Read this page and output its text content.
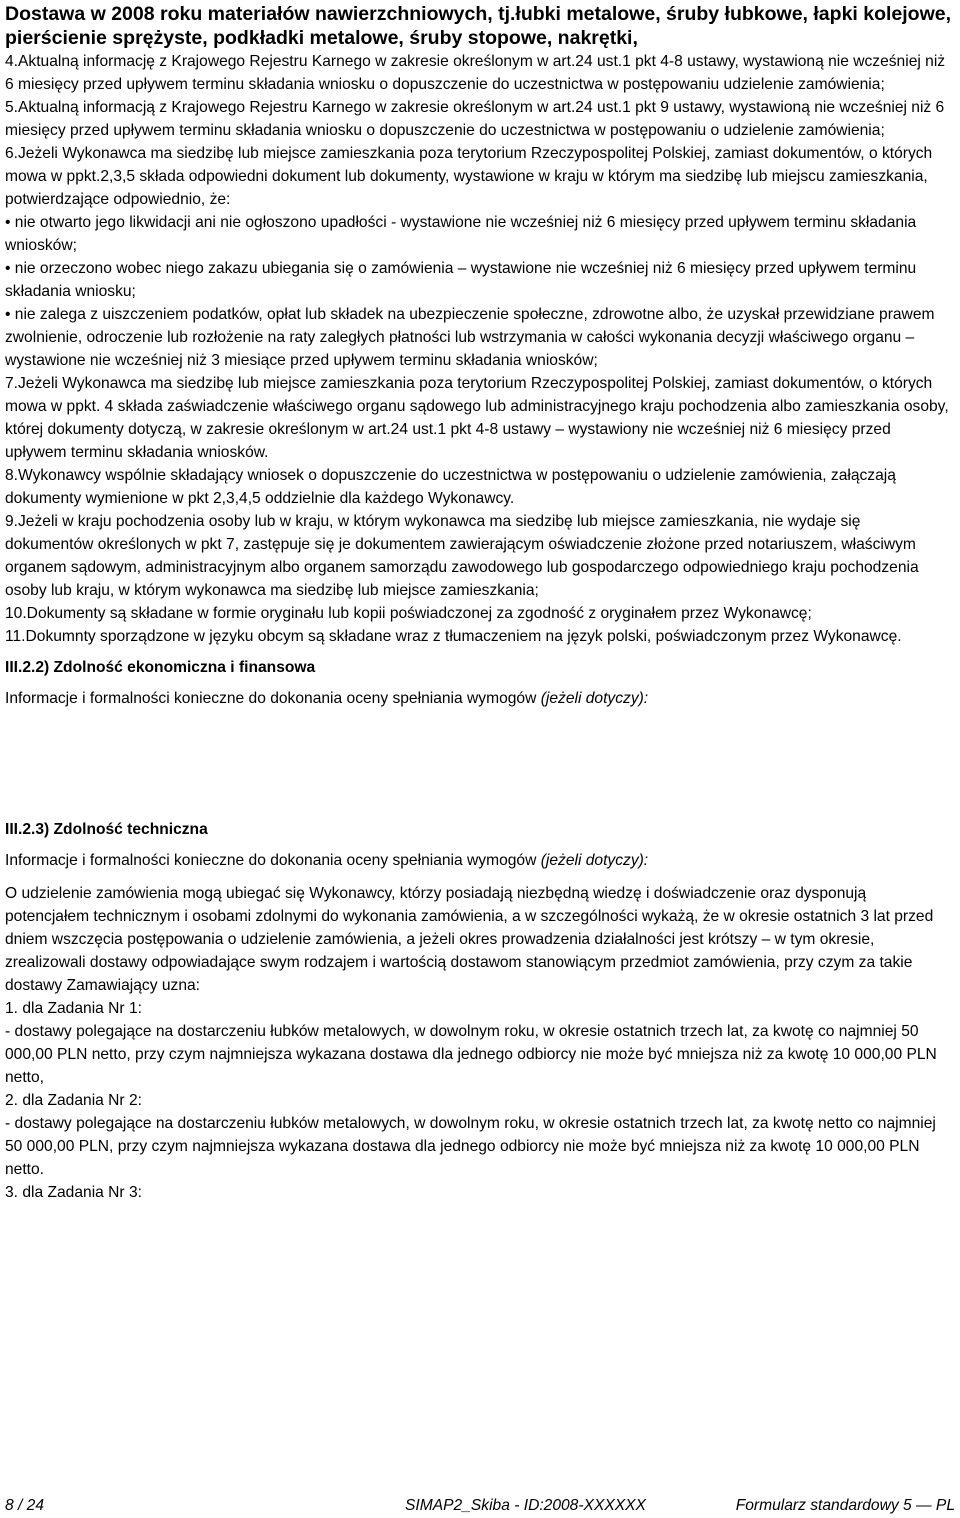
Dostawa w 2008 roku materiałów nawierzchniowych, tj.łubki metalowe, śruby łubkowe, łapki kolejowe, pierścienie sprężyste, podkładki metalowe, śruby stopowe, nakrętki,

4.Aktualną informację z Krajowego Rejestru Karnego w zakresie określonym w art.24 ust.1 pkt 4-8 ustawy, wystawioną nie wcześniej niż 6 miesięcy przed upływem terminu składania wniosku o dopuszczenie do uczestnictwa w postępowaniu udzielenie zamówienia;

5.Aktualną informacją z Krajowego Rejestru Karnego w zakresie określonym w art.24 ust.1 pkt 9 ustawy, wystawioną nie wcześniej niż 6 miesięcy przed upływem terminu składania wniosku o dopuszczenie do uczestnictwa w postępowaniu o udzielenie zamówienia;

6.Jeżeli Wykonawca ma siedzibę lub miejsce zamieszkania poza terytorium Rzeczypospolitej Polskiej, zamiast dokumentów, o których mowa w ppkt.2,3,5 składa odpowiedni dokument lub dokumenty, wystawione w kraju w którym ma siedzibę lub miejscu zamieszkania, potwierdzające odpowiednio, że:

• nie otwarto jego likwidacji ani nie ogłoszono upadłości - wystawione nie wcześniej niż 6 miesięcy przed upływem terminu składania wniosków;

• nie orzeczono wobec niego zakazu ubiegania się o zamówienia – wystawione nie wcześniej niż 6 miesięcy przed upływem terminu składania wniosku;

• nie zalega z uiszczeniem podatków, opłat lub składek na ubezpieczenie społeczne, zdrowotne albo, że uzyskał przewidziane prawem zwolnienie, odroczenie lub rozłożenie na raty zaległych płatności lub wstrzymania w całości wykonania decyzji właściwego organu – wystawione nie wcześniej niż 3 miesiące przed upływem terminu składania wniosków;

7.Jeżeli Wykonawca ma siedzibę lub miejsce zamieszkania poza terytorium Rzeczypospolitej Polskiej, zamiast dokumentów, o których mowa w ppkt. 4 składa zaświadczenie właściwego organu sądowego lub administracyjnego kraju pochodzenia albo zamieszkania osoby, której dokumenty dotyczą, w zakresie określonym w art.24 ust.1 pkt 4-8 ustawy – wystawiony nie wcześniej niż 6 miesięcy przed upływem terminu składania wniosków.

8.Wykonawcy wspólnie składający wniosek o dopuszczenie do uczestnictwa w postępowaniu o udzielenie zamówienia, załączają dokumenty wymienione w pkt 2,3,4,5 oddzielnie dla każdego Wykonawcy.

9.Jeżeli w kraju pochodzenia osoby lub w kraju, w którym wykonawca ma siedzibę lub miejsce zamieszkania, nie wydaje się dokumentów określonych w pkt 7, zastępuje się je dokumentem zawierającym oświadczenie złożone przed notariuszem, właściwym organem sądowym, administracyjnym albo organem samorządu zawodowego lub gospodarczego odpowiedniego kraju pochodzenia osoby lub kraju, w którym wykonawca ma siedzibę lub miejsce zamieszkania;

10.Dokumenty są składane w formie oryginału lub kopii poświadczonej za zgodność z oryginałem przez Wykonawcę;

11.Dokumnty sporządzone w języku obcym są składane wraz z tłumaczeniem na język polski, poświadczonym przez Wykonawcę.

III.2.2) Zdolność ekonomiczna i finansowa

Informacje i formalności konieczne do dokonania oceny spełniania wymogów (jeżeli dotyczy):

III.2.3) Zdolność techniczna

Informacje i formalności konieczne do dokonania oceny spełniania wymogów (jeżeli dotyczy):

O udzielenie zamówienia mogą ubiegać się Wykonawcy, którzy posiadają niezbędną wiedzę i doświadczenie oraz dysponują potencjałem technicznym i osobami zdolnymi do wykonania zamówienia, a w szczególności wykażą, że w okresie ostatnich 3 lat przed dniem wszczęcia postępowania o udzielenie zamówienia, a jeżeli okres prowadzenia działalności jest krótszy – w tym okresie, zrealizowali dostawy odpowiadające swym rodzajem i wartością dostawom stanowiącym przedmiot zamówienia, przy czym za takie dostawy Zamawiający uzna:

1. dla Zadania Nr 1:

- dostawy polegające na dostarczeniu łubków metalowych, w dowolnym roku, w okresie ostatnich trzech lat, za kwotę co najmniej 50 000,00 PLN netto, przy czym najmniejsza wykazana dostawa dla jednego odbiorcy nie może być mniejsza niż za kwotę 10 000,00 PLN netto,

2. dla Zadania Nr 2:

- dostawy polegające na dostarczeniu łubków metalowych, w dowolnym roku, w okresie ostatnich trzech lat, za kwotę netto co najmniej 50 000,00 PLN, przy czym najmniejsza wykazana dostawa dla jednego odbiorcy nie może być mniejsza niż za kwotę 10 000,00 PLN netto.

3. dla Zadania Nr 3:

8 / 24	SIMAP2_Skiba - ID:2008-XXXXXX	Formularz standardowy 5 — PL
